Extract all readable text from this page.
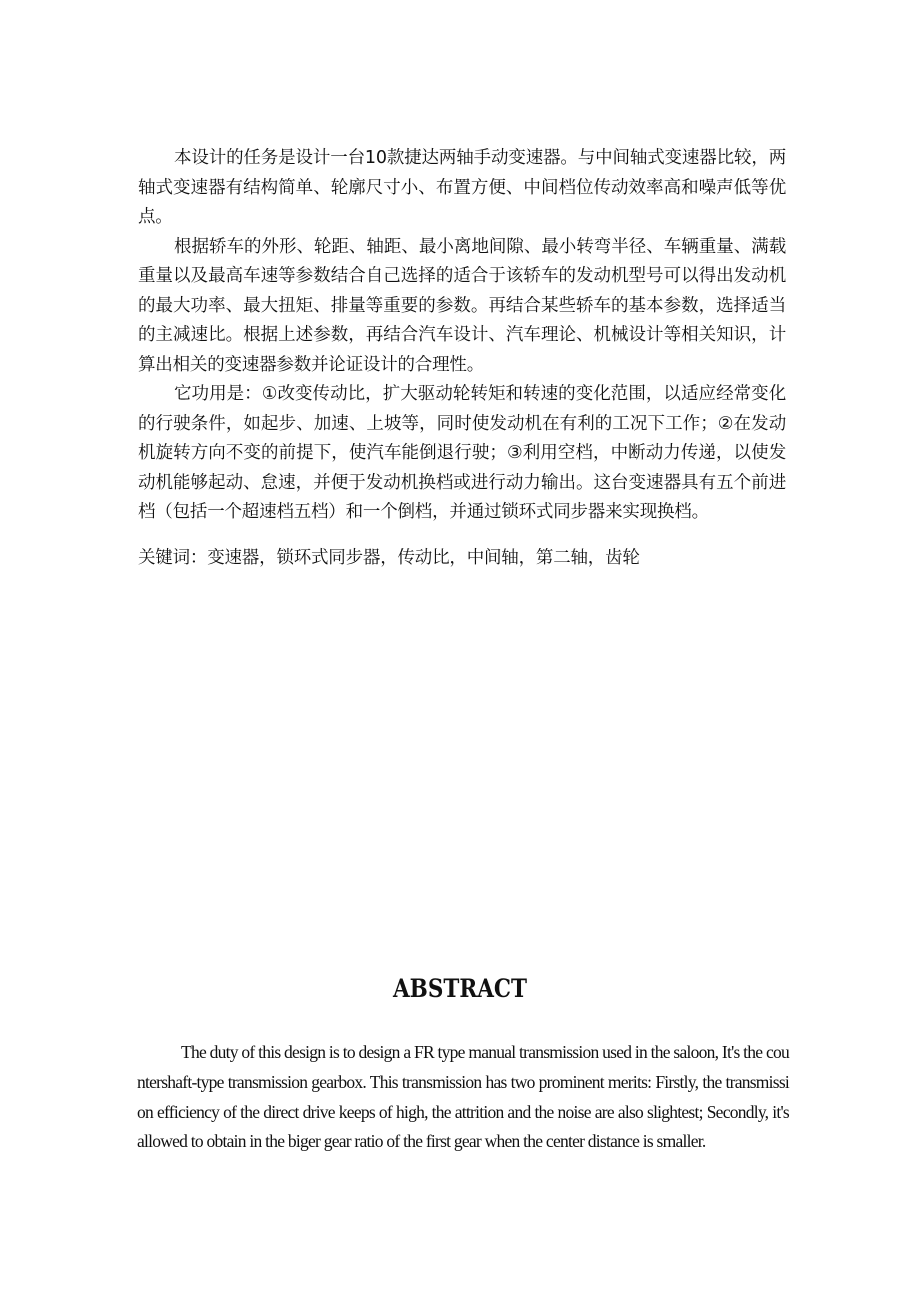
本设计的任务是设计一台10款捷达两轴手动变速器。与中间轴式变速器比较，两轴式变速器有结构简单、轮廓尺寸小、布置方便、中间档位传动效率高和噪声低等优点。

根据轿车的外形、轮距、轴距、最小离地间隙、最小转弯半径、车辆重量、满载重量以及最高车速等参数结合自己选择的适合于该轿车的发动机型号可以得出发动机的最大功率、最大扭矩、排量等重要的参数。再结合某些轿车的基本参数，选择适当的主减速比。根据上述参数，再结合汽车设计、汽车理论、机械设计等相关知识，计算出相关的变速器参数并论证设计的合理性。

它功用是：①改变传动比，扩大驱动轮转矩和转速的变化范围，以适应经常变化的行驶条件，如起步、加速、上坡等，同时使发动机在有利的工况下工作；②在发动机旋转方向不变的前提下，使汽车能倒退行驶；③利用空档，中断动力传递，以使发动机能够起动、怠速，并便于发动机换档或进行动力输出。这台变速器具有五个前进档（包括一个超速档五档）和一个倒档，并通过锁环式同步器来实现换档。

关键词：变速器，锁环式同步器，传动比，中间轴，第二轴，齿轮

ABSTRACT

The duty of this design is to design a FR type manual transmission used in the saloon, It's the countershaft-type transmission gearbox. This transmission has two prominent merits: Firstly, the transmission efficiency of the direct drive keeps of high, the attrition and the noise are also slightest; Secondly, it's allowed to obtain in the biger gear ratio of the first gear when the center distance is smaller.
